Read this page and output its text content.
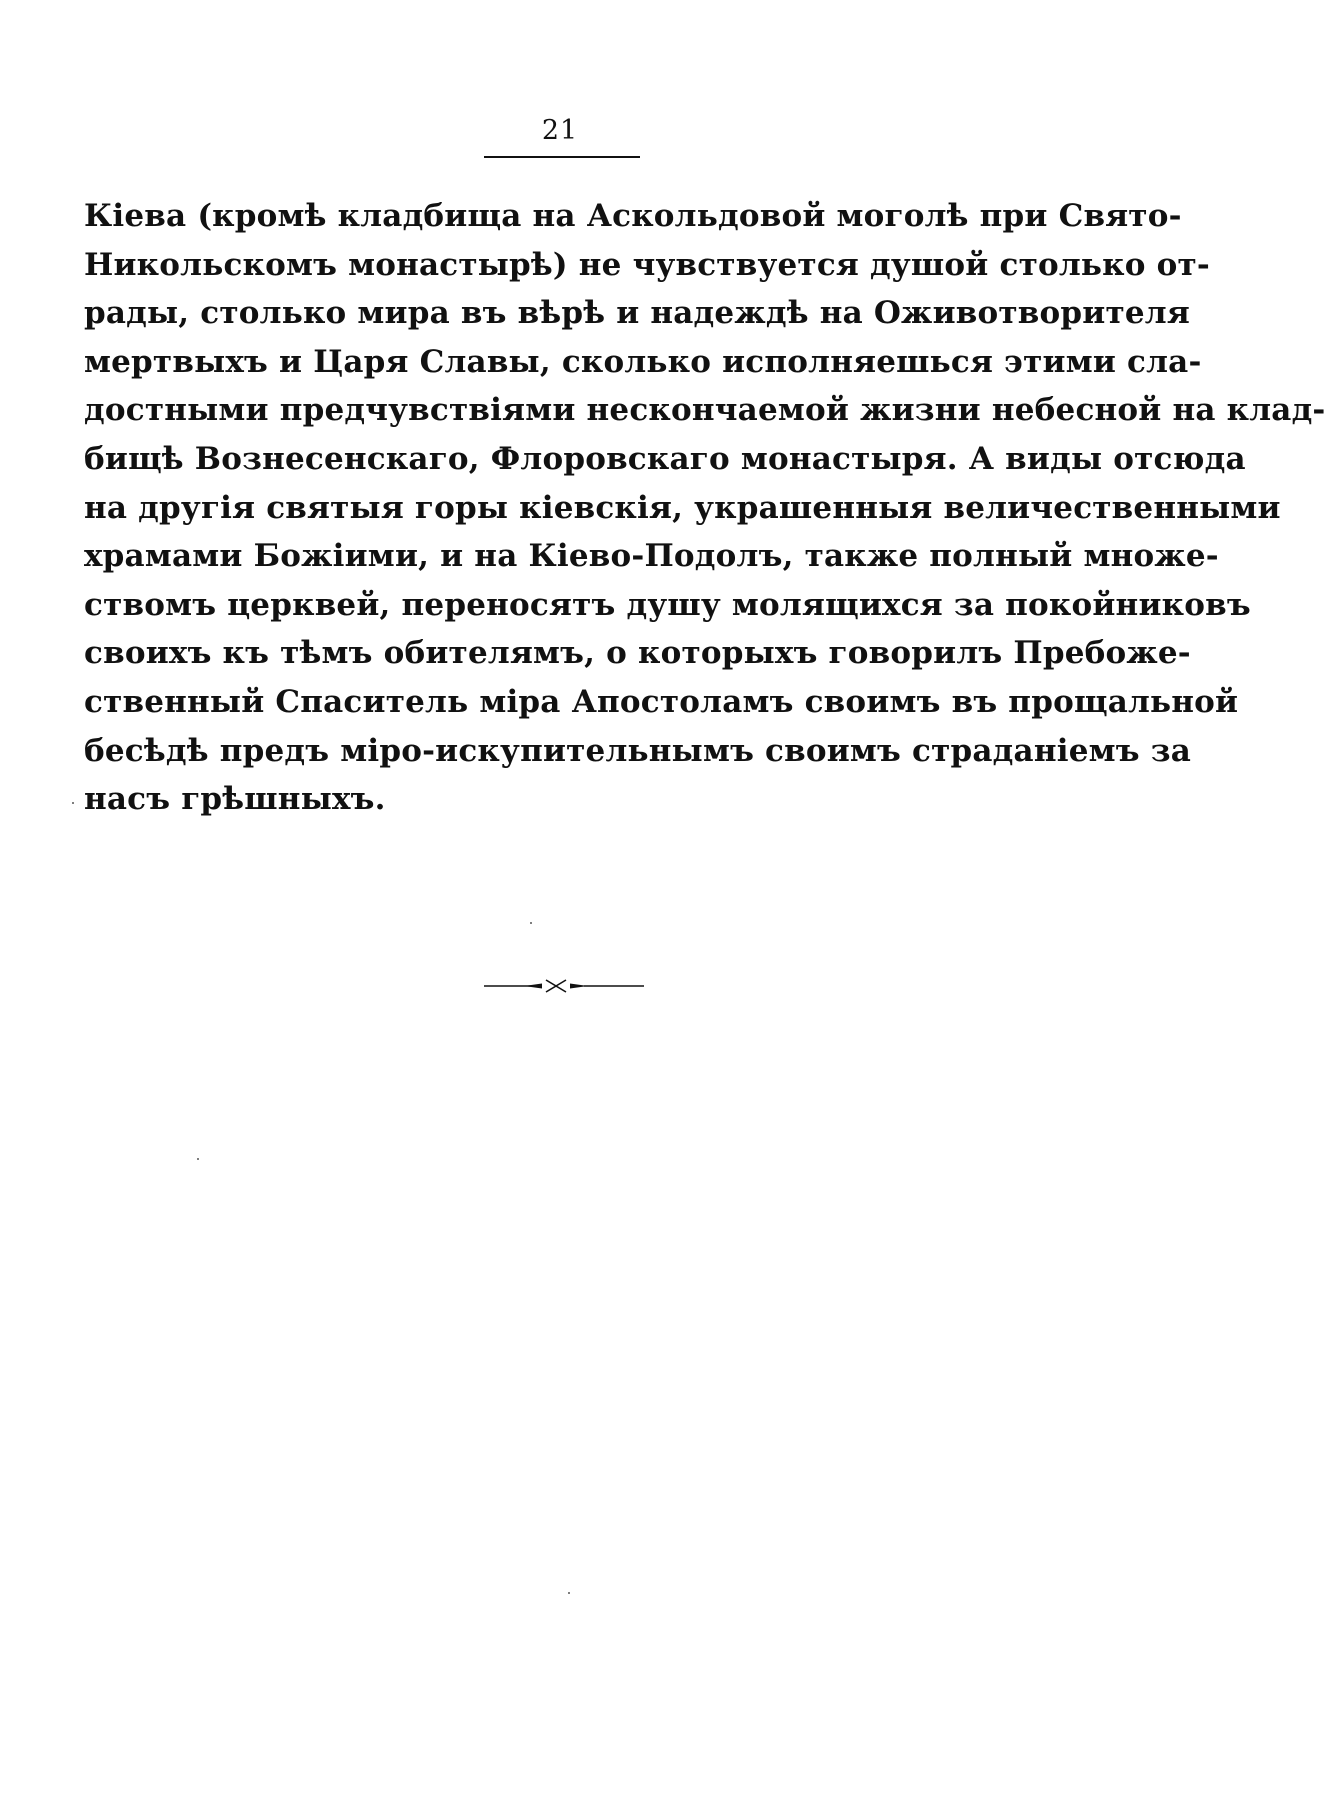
21
Кіева (кромѣ кладбища на Аскольдовой моголѣ при Свято-
Никольскомъ монастырѣ) не чувствуется душой столько от-
рады, столько мира въ вѣрѣ и надеждѣ на Оживотворителя
мертвыхъ и Царя Славы, сколько исполняешься этими сла-
достными предчувствіями нескончаемой жизни небесной на клад-
бищѣ Вознесенскаго, Флоровскаго монастыря. А виды отсюда
на другія святыя горы кіевскія, украшенныя величественными
храмами Божіими, и на Кіево-Подолъ, также полный множе-
ствомъ церквей, переносятъ душу молящихся за покойниковъ
своихъ къ тѣмъ обителямъ, о которыхъ говорилъ Пребоже-
ственный Спаситель міра Апостоламъ своимъ въ прощальной
бесѣдѣ предъ міро-искупительнымъ своимъ страданіемъ за
насъ грѣшныхъ.
